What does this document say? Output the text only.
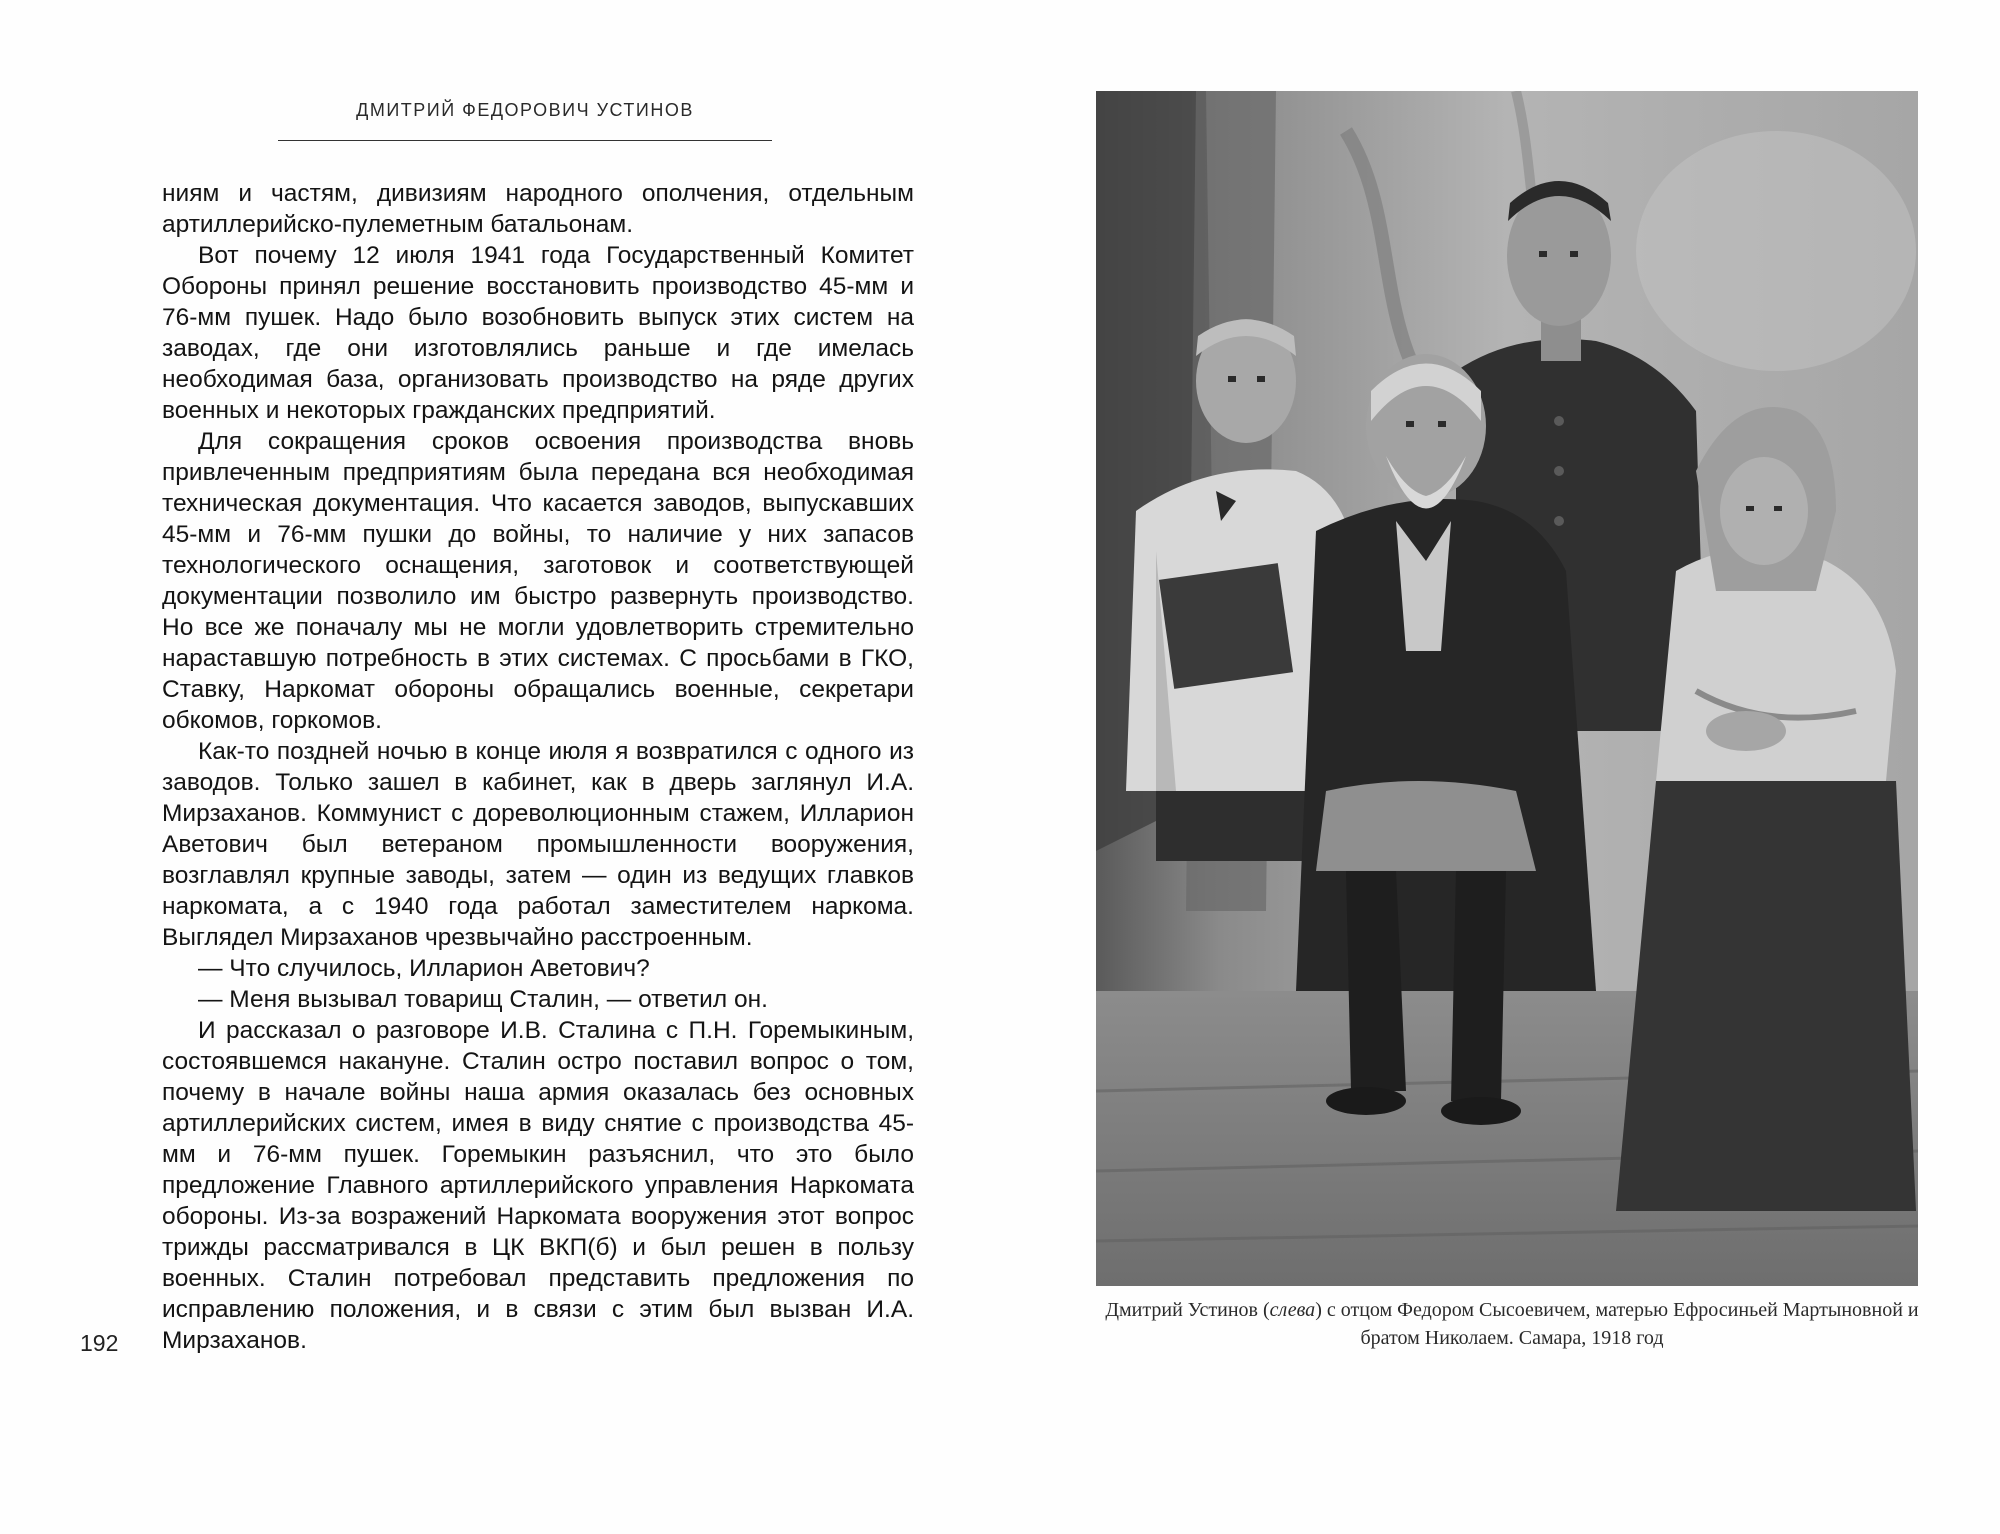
ДМИТРИЙ ФЕДОРОВИЧ УСТИНОВ

ниям и частям, дивизиям народного ополчения, отдельным артиллерийско-пулеметным батальонам.

Вот почему 12 июля 1941 года Государственный Комитет Обороны принял решение восстановить производство 45-мм и 76-мм пушек. Надо было возобновить выпуск этих систем на заводах, где они изготовлялись раньше и где имелась необходимая база, организовать производство на ряде других военных и некоторых гражданских предприятий.

Для сокращения сроков освоения производства вновь привлеченным предприятиям была передана вся необходимая техническая документация. Что касается заводов, выпускавших 45-мм и 76-мм пушки до войны, то наличие у них запасов технологического оснащения, заготовок и соответствующей документации позволило им быстро развернуть производство. Но все же поначалу мы не могли удовлетворить стремительно нараставшую потребность в этих системах. С просьбами в ГКО, Ставку, Наркомат обороны обращались военные, секретари обкомов, горкомов.

Как-то поздней ночью в конце июля я возвратился с одного из заводов. Только зашел в кабинет, как в дверь заглянул И.А. Мирзаханов. Коммунист с дореволюционным стажем, Илларион Аветович был ветераном промышленности вооружения, возглавлял крупные заводы, затем — один из ведущих главков наркомата, а с 1940 года работал заместителем наркома. Выглядел Мирзаханов чрезвычайно расстроенным.

— Что случилось, Илларион Аветович?

— Меня вызывал товарищ Сталин, — ответил он.

И рассказал о разговоре И.В. Сталина с П.Н. Горемыкиным, состоявшемся накануне. Сталин остро поставил вопрос о том, почему в начале войны наша армия оказалась без основных артиллерийских систем, имея в виду снятие с производства 45-мм и 76-мм пушек. Горемыкин разъяснил, что это было предложение Главного артиллерийского управления Наркомата обороны. Из-за возражений Наркомата вооружения этот вопрос трижды рассматривался в ЦК ВКП(б) и был решен в пользу военных. Сталин потребовал представить предложения по исправлению положения, и в связи с этим был вызван И.А. Мирзаханов.

192
Дмитрий Устинов (слева) с отцом Федором Сысоевичем, матерью Ефросиньей Мартыновной и братом Николаем. Самара, 1918 год
